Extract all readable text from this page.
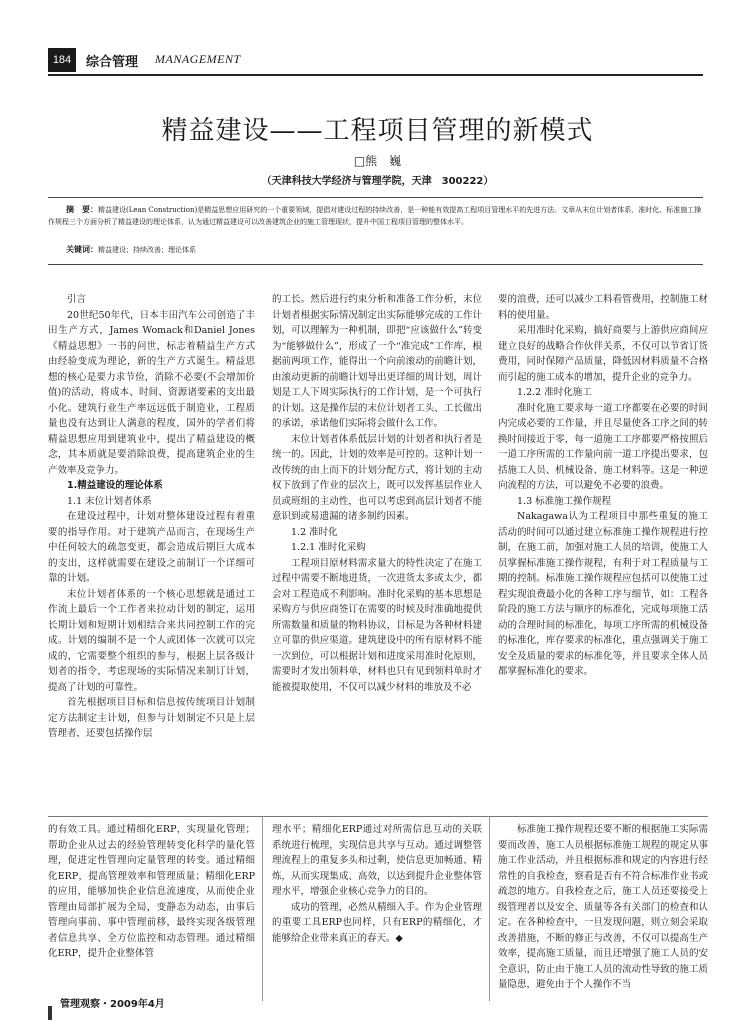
184	综合管理 MANAGEMENT
精益建设——工程项目管理的新模式
□熊　巍
（天津科技大学经济与管理学院，天津　300222）
摘　要：精益建设(Lean Construction)是精益思想应用研究的一个重要领域，提倡对建设过程的持续改善，是一种能有效提高工程项目管理水平的先进方法。文章从末位计划者体系、准时化、标准施工操作规程三个方面分析了精益建设的理论体系，认为通过精益建设可以改善建筑企业的施工管理现状，提升中国工程项目管理的整体水平。
关键词：精益建设；持续改善；理论体系

引言

20世纪50年代，日本丰田汽车公司创造了丰田生产方式，James Womack和Daniel Jones《精益思想》一书的问世，标志着精益生产方式由经验变成为理论，新的生产方式诞生。精益思想的核心是要力求节俭，消除不必要(不会增加价值)的活动，将成本、时间、资源诸要素的支出最小化。建筑行业生产率远远低于制造业，工程质量也没有达到让人满意的程度，国外的学者们将精益思想应用到建筑业中，提出了精益建设的概念，其本质就是要消除浪费，提高建筑企业的生产效率及竞争力。

1.精益建设的理论体系

1.1 末位计划者体系

在建设过程中，计划对整体建设过程有着重要的指导作用。对于建筑产品而言，在现场生产中任何较大的疏忽变更，都会造成后期巨大成本的支出，这样就需要在建设之前制订一个详细可靠的计划。

末位计划者体系的一个核心思想就是通过工作流上最后一个工作者来拉动计划的制定，运用长期计划和短期计划相结合来共同控制工作的完成。计划的编制不是一个人或团体一次就可以完成的，它需要整个组织的参与，根据上层各级计划者的指令，考虑现场的实际情况来制订计划，提高了计划的可靠性。

首先根据项目目标和信息按传统项目计划制定方法制定主计划，但参与计划制定不只是上层管理者，还要包括操作层

的工长。然后进行约束分析和准备工作分析，末位计划者根据实际情况制定出实际能够完成的工作计划，可以理解为一种机制，即把“应该做什么”转变为“能够做什么”，形成了一个“准完成”工作库，根据前两项工作，能得出一个向前滚动的前瞻计划，由滚动更新的前瞻计划导出更详细的周计划，周计划是工人下周实际执行的工作计划，是一个可执行的计划。这是操作层的末位计划者工头、工长做出的承诺，承诺他们实际将会做什么工作。

末位计划者体系低层计划的计划者和执行者是统一的。因此，计划的效率是可控的。这种计划一改传统的由上而下的计划分配方式，将计划的主动权下放到了作业的层次上，既可以发挥基层作业人员或班组的主动性，也可以考虑到高层计划者不能意识到或易遗漏的诸多制约因素。

1.2 准时化

1.2.1 准时化采购

工程项目原材料需求量大的特性决定了在施工过程中需要不断地进货，一次进货太多或太少，都会对工程造成不利影响。准时化采购的基本思想是采购方与供应商签订在需要的时候及时准确地提供所需数量和质量的物料协议，目标是为各种材料建立可靠的供应渠道。建筑建设中的所有原材料不能一次到位，可以根据计划和进度采用准时化原则，需要时才发出领料单，材料也只有见到领料单时才能被提取使用，不仅可以减少材料的堆放及不必

要的浪费，还可以减少工料看管费用，控制施工材料的使用量。

采用准时化采购，搞好商要与上游供应商间应建立良好的战略合作伙伴关系，不仅可以节省订货费用，同时保障产品质量，降低因材料质量不合格而引起的施工成本的增加，提升企业的竞争力。

1.2.2 准时化施工

准时化施工要求每一道工序都要在必要的时间内完成必要的工作量，并且尽量使各工序之间的转换时间接近于零，每一道施工工序都要严格按照后一道工序所需的工作量向前一道工序提出要求，包括施工人员、机械设备、施工材料等。这是一种逆向流程的方法，可以避免不必要的浪费。

1.3 标准施工操作规程

Nakagawa认为工程项目中那些重复的施工活动的时间可以通过建立标准施工操作规程进行控制，在施工前，加强对施工人员的培训，使施工人员掌握标准施工操作规程，有利于对工程质量与工期的控制。标准施工操作规程应包括可以使施工过程实现浪费最小化的各种工序与细节，如：工程各阶段的施工方法与顺序的标准化，完成每项施工活动的合理时间的标准化，每项工序所需的机械设备的标准化，库存要求的标准化，重点强调关于施工安全及质量的要求的标准化等，并且要求全体人员都掌握标准化的要求。

的有效工具。通过精细化ERP，实现量化管理；帮助企业从过去的经验管理转变化科学的量化管理，促进定性管理向定量管理的转变。通过精细化ERP，提高管理效率和管理质量；精细化ERP的应用，能够加快企业信息流速度，从而使企业管理由局部扩展为全局，变静态为动态，由事后管理向事前、事中管理前移，最终实现各级管理者信息共享、全方位监控和动态管理。通过精细化ERP，提升企业整体管

理水平；精细化ERP通过对所需信息互动的关联系统进行梳理，实现信息共享与互动。通过调整管理流程上的重复多头和过剩，使信息更加畅通、精炼，从而实现集成、高效，以达到提升企业整体管理水平，增强企业核心竞争力的目的。

成功的管理，必然从精细入手。作为企业管理的重要工具ERP也同样，只有ERP的精细化，才能够给企业带来真正的春天。◆

标准施工操作规程还要不断的根据施工实际需要而改善，施工人员根据标准施工规程的规定从事施工作业活动，并且根据标准和规定的内容进行经常性的自我检查，察看是否有不符合标准作业书或疏忽的地方。自我检查之后，施工人员还要接受上级管理者以及安全、质量等各有关部门的检查和认定。在各种检查中，一旦发现问题，则立刻会采取改善措施，不断的修正与改善，不仅可以提高生产效率，提高施工质量，而且还增强了施工人员的安全意识，防止由于施工人员的流动性导致的施工质量隐患，避免由于个人操作不当

管理观察・2009年4月
